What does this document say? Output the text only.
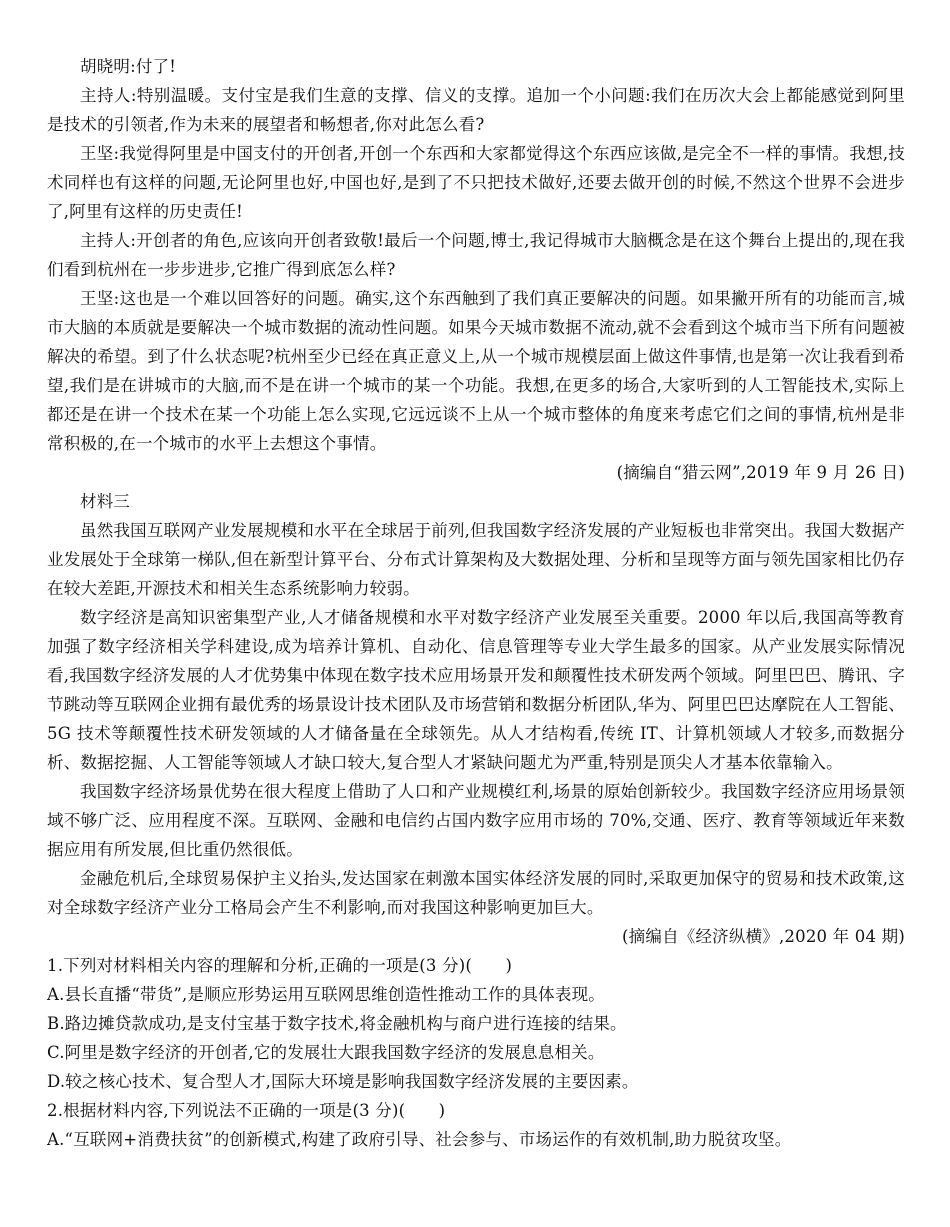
胡晓明:付了!

主持人:特别温暖。支付宝是我们生意的支撑、信义的支撑。追加一个小问题:我们在历次大会上都能感觉到阿里是技术的引领者,作为未来的展望者和畅想者,你对此怎么看?

王坚:我觉得阿里是中国支付的开创者,开创一个东西和大家都觉得这个东西应该做,是完全不一样的事情。我想,技术同样也有这样的问题,无论阿里也好,中国也好,是到了不只把技术做好,还要去做开创的时候,不然这个世界不会进步了,阿里有这样的历史责任!

主持人:开创者的角色,应该向开创者致敬!最后一个问题,博士,我记得城市大脑概念是在这个舞台上提出的,现在我们看到杭州在一步步进步,它推广得到底怎么样?

王坚:这也是一个难以回答好的问题。确实,这个东西触到了我们真正要解决的问题。如果撇开所有的功能而言,城市大脑的本质就是要解决一个城市数据的流动性问题。如果今天城市数据不流动,就不会看到这个城市当下所有问题被解决的希望。到了什么状态呢?杭州至少已经在真正意义上,从一个城市规模层面上做这件事情,也是第一次让我看到希望,我们是在讲城市的大脑,而不是在讲一个城市的某一个功能。我想,在更多的场合,大家听到的人工智能技术,实际上都还是在讲一个技术在某一个功能上怎么实现,它远远谈不上从一个城市整体的角度来考虑它们之间的事情,杭州是非常积极的,在一个城市的水平上去想这个事情。

(摘编自“猎云网”,2019 年 9 月 26 日)

材料三

虽然我国互联网产业发展规模和水平在全球居于前列,但我国数字经济发展的产业短板也非常突出。我国大数据产业发展处于全球第一梯队,但在新型计算平台、分布式计算架构及大数据处理、分析和呈现等方面与领先国家相比仍存在较大差距,开源技术和相关生态系统影响力较弱。

数字经济是高知识密集型产业,人才储备规模和水平对数字经济产业发展至关重要。2000 年以后,我国高等教育加强了数字经济相关学科建设,成为培养计算机、自动化、信息管理等专业大学生最多的国家。从产业发展实际情况看,我国数字经济发展的人才优势集中体现在数字技术应用场景开发和颠覆性技术研发两个领域。阿里巴巴、腾讯、字节跳动等互联网企业拥有最优秀的场景设计技术团队及市场营销和数据分析团队,华为、阿里巴巴达摩院在人工智能、5G 技术等颠覆性技术研发领域的人才储备量在全球领先。从人才结构看,传统 IT、计算机领域人才较多,而数据分析、数据挖掘、人工智能等领域人才缺口较大,复合型人才紧缺问题尤为严重,特别是顶尖人才基本依靠输入。

我国数字经济场景优势在很大程度上借助了人口和产业规模红利,场景的原始创新较少。我国数字经济应用场景领域不够广泛、应用程度不深。互联网、金融和电信约占国内数字应用市场的 70%,交通、医疗、教育等领域近年来数据应用有所发展,但比重仍然很低。

金融危机后,全球贸易保护主义抬头,发达国家在刺激本国实体经济发展的同时,采取更加保守的贸易和技术政策,这对全球数字经济产业分工格局会产生不利影响,而对我国这种影响更加巨大。

(摘编自《经济纵横》,2020 年 04 期)

1.下列对材料相关内容的理解和分析,正确的一项是(3 分)(　　)

A.县长直播“带货”,是顺应形势运用互联网思维创造性推动工作的具体表现。

B.路边摊贷款成功,是支付宝基于数字技术,将金融机构与商户进行连接的结果。

C.阿里是数字经济的开创者,它的发展壮大跟我国数字经济的发展息息相关。

D.较之核心技术、复合型人才,国际大环境是影响我国数字经济发展的主要因素。

2.根据材料内容,下列说法不正确的一项是(3 分)(　　)

A.“互联网+消费扶贫”的创新模式,构建了政府引导、社会参与、市场运作的有效机制,助力脱贫攻坚。
